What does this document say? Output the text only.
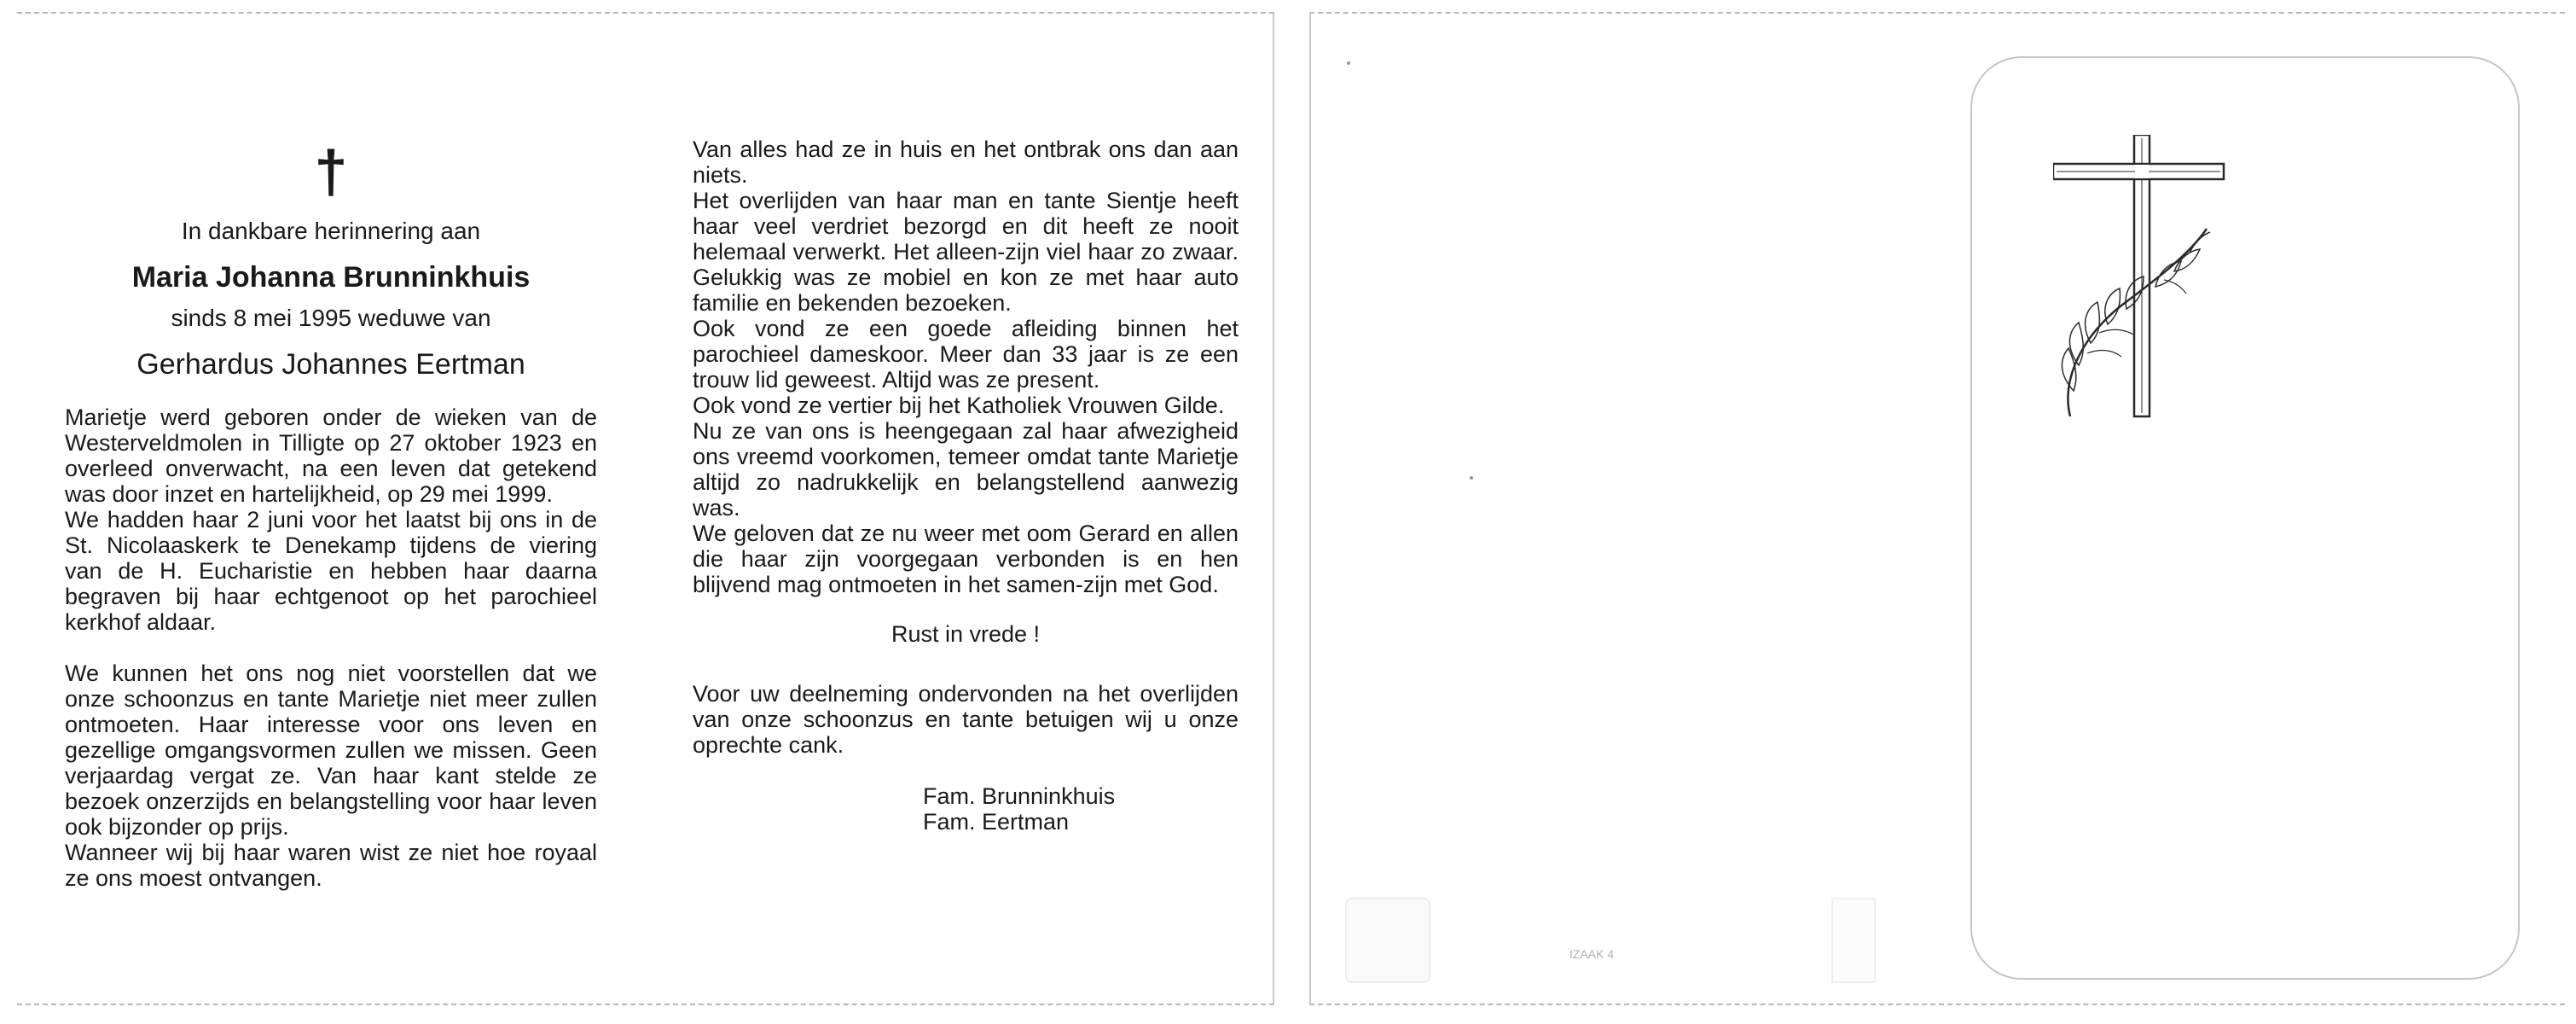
†
In dankbare herinnering aan
Maria Johanna Brunninkhuis
sinds 8 mei 1995 weduwe van
Gerhardus Johannes Eertman

Marietje werd geboren onder de wieken van de Westerveldmolen in Tilligte op 27 oktober 1923 en overleed onverwacht, na een leven dat getekend was door inzet en hartelijkheid, op 29 mei 1999.

We hadden haar 2 juni voor het laatst bij ons in de St. Nicolaaskerk te Denekamp tijdens de viering van de H. Eucharistie en hebben haar daarna begraven bij haar echtgenoot op het parochieel kerkhof aldaar.

We kunnen het ons nog niet voorstellen dat we onze schoonzus en tante Marietje niet meer zullen ontmoeten. Haar interesse voor ons leven en gezellige omgangsvormen zullen we missen. Geen verjaardag vergat ze. Van haar kant stelde ze bezoek onzerzijds en belangstelling voor haar leven ook bijzonder op prijs.

Wanneer wij bij haar waren wist ze niet hoe royaal ze ons moest ontvangen.

Van alles had ze in huis en het ontbrak ons dan aan niets.

Het overlijden van haar man en tante Sientje heeft haar veel verdriet bezorgd en dit heeft ze nooit helemaal verwerkt. Het alleen-zijn viel haar zo zwaar. Gelukkig was ze mobiel en kon ze met haar auto familie en bekenden bezoeken.

Ook vond ze een goede afleiding binnen het parochieel dameskoor. Meer dan 33 jaar is ze een trouw lid geweest. Altijd was ze present.

Ook vond ze vertier bij het Katholiek Vrouwen Gilde.

Nu ze van ons is heengegaan zal haar afwezigheid ons vreemd voorkomen, temeer omdat tante Marietje altijd zo nadrukkelijk en belangstellend aanwezig was.

We geloven dat ze nu weer met oom Gerard en allen die haar zijn voorgegaan verbonden is en hen blijvend mag ontmoeten in het samen-zijn met God.

Rust in vrede !

Voor uw deelneming ondervonden na het overlijden van onze schoonzus en tante betuigen wij u onze oprechte cank.

Fam. Brunninkhuis
Fam. Eertman
IZAAK 4
